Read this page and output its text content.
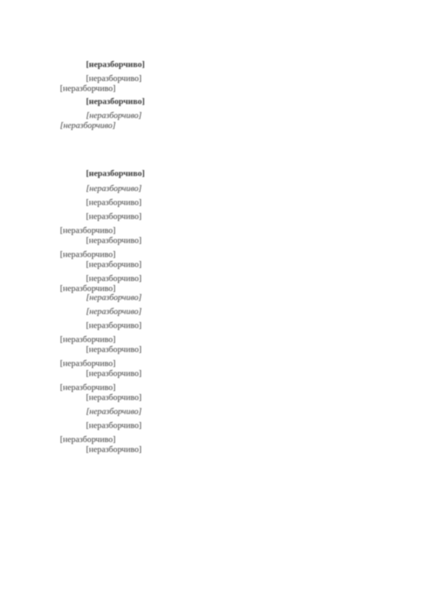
[неразборчиво]
[неразборчиво]
[неразборчиво]
[неразборчиво]
[неразборчиво]
[неразборчиво]
[неразборчиво]
[неразборчиво]
[неразборчиво]
[неразборчиво]
[неразборчиво]
[неразборчиво]
[неразборчиво]
[неразборчиво]
[неразборчиво]
[неразборчиво]
[неразборчиво]
[неразборчиво]
[неразборчиво]
[неразборчиво]
[неразборчиво]
[неразборчиво]
[неразборчиво]
[неразборчиво]
[неразборчиво]
[неразборчиво]
[неразборчиво]
[неразборчиво]
[неразборчиво]
